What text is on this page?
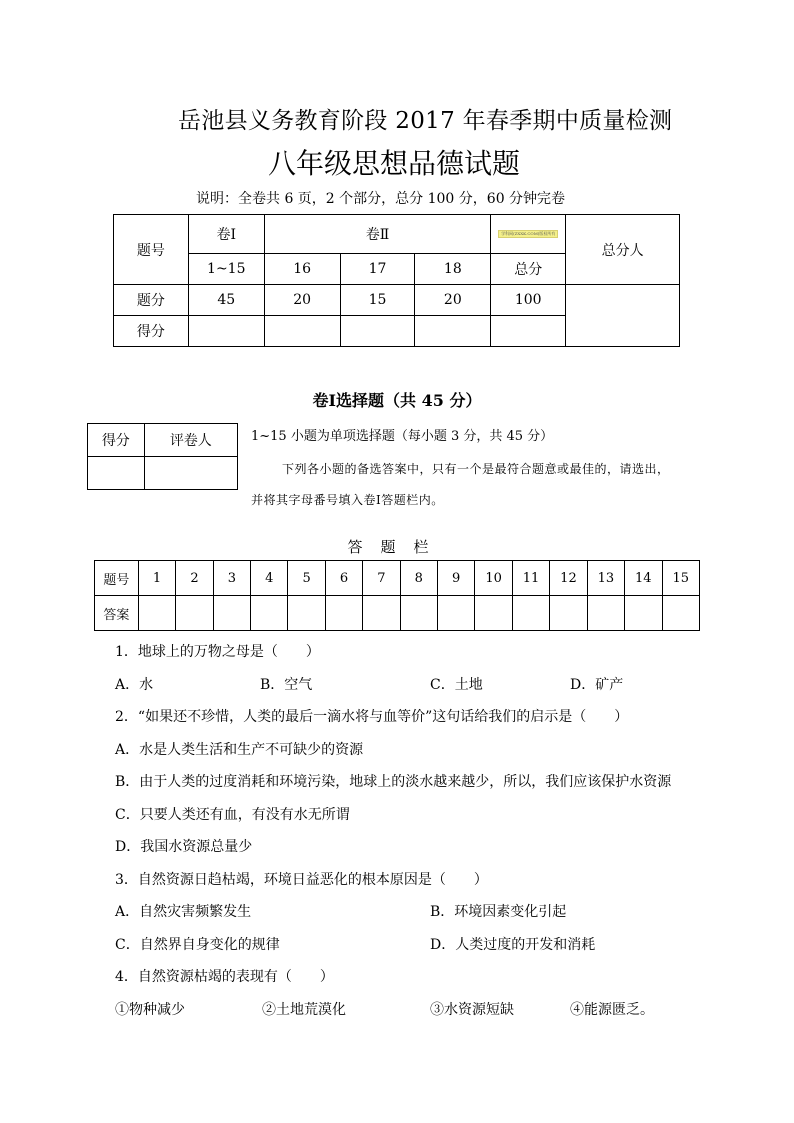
岳池县义务教育阶段 2017 年春季期中质量检测
八年级思想品德试题
说明：全卷共 6 页，2 个部分，总分 100 分，60 分钟完卷
题号	卷Ⅰ	卷Ⅱ			学科网(ZXXK.COM)版权所有	总分人
	1~15	16	17	18	总分	
题分	45	20	15	20	100	
得分						
卷Ⅰ选择题（共 45 分）
得分	评卷人
		1~15 小题为单项选择题（每小题 3 分，共 45 分）
下列各小题的备选答案中，只有一个是最符合题意或最佳的，请选出，
并将其字母番号填入卷Ⅰ答题栏内。
答题栏
题号	1	2	3	4	5	6	7	8	9	10	11	12	13	14	15
答案															
1．地球上的万物之母是（　　）
A．水	B．空气	C．土地	D．矿产
2．“如果还不珍惜，人类的最后一滴水将与血等价”这句话给我们的启示是（　　）
A．水是人类生活和生产不可缺少的资源
B．由于人类的过度消耗和环境污染，地球上的淡水越来越少，所以，我们应该保护水资源
C．只要人类还有血，有没有水无所谓
D．我国水资源总量少
3．自然资源日趋枯竭，环境日益恶化的根本原因是（　　）
A．自然灾害频繁发生	B．环境因素变化引起
C．自然界自身变化的规律	D．人类过度的开发和消耗
4．自然资源枯竭的表现有（　　）
①物种减少	②土地荒漠化	③水资源短缺	④能源匮乏。
